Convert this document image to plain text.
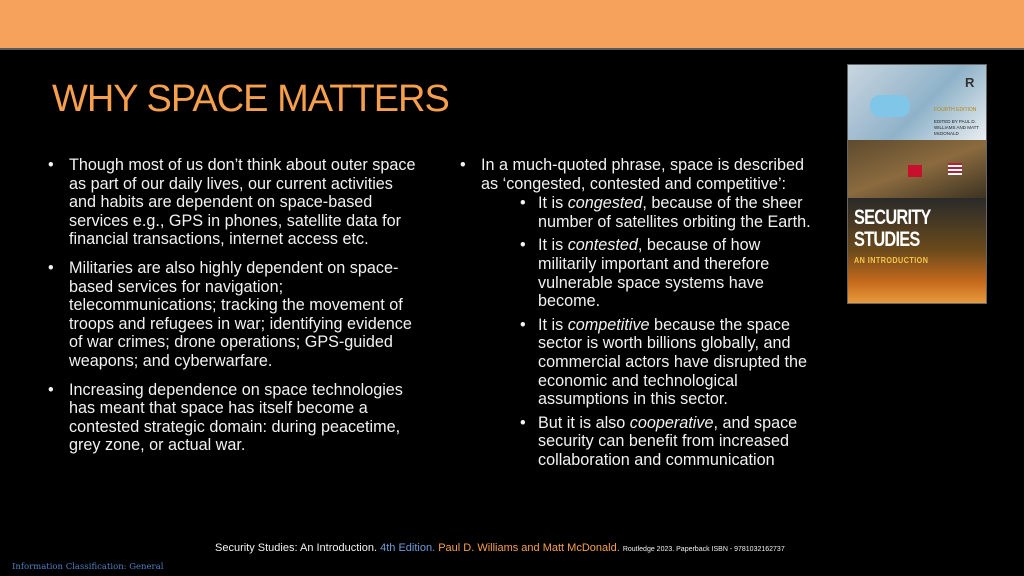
WHY SPACE MATTERS
• Though most of us don’t think about outer space as part of our daily lives, our current activities and habits are dependent on space-based services e.g., GPS in phones, satellite data for financial transactions, internet access etc.
• Militaries are also highly dependent on space-based services for navigation; telecommunications; tracking the movement of troops and refugees in war; identifying evidence of war crimes; drone operations; GPS-guided weapons; and cyberwarfare.
• Increasing dependence on space technologies has meant that space has itself become a contested strategic domain: during peacetime, grey zone, or actual war.
• In a much-quoted phrase, space is described as ‘congested, contested and competitive’:
• It is congested, because of the sheer number of satellites orbiting the Earth.
• It is contested, because of how militarily important and therefore vulnerable space systems have become.
• It is competitive because the space sector is worth billions globally, and commercial actors have disrupted the economic and technological assumptions in this sector.
• But it is also cooperative, and space security can benefit from increased collaboration and communication
R
FOURTH EDITION
EDITED BY PAUL D. WILLIAMS AND MATT McDONALD
SECURITY STUDIES
AN INTRODUCTION
Security Studies: An Introduction. 4th Edition. Paul D. Williams and Matt McDonald. Routledge 2023. Paperback ISBN - 9781032162737
Information Classification: General
